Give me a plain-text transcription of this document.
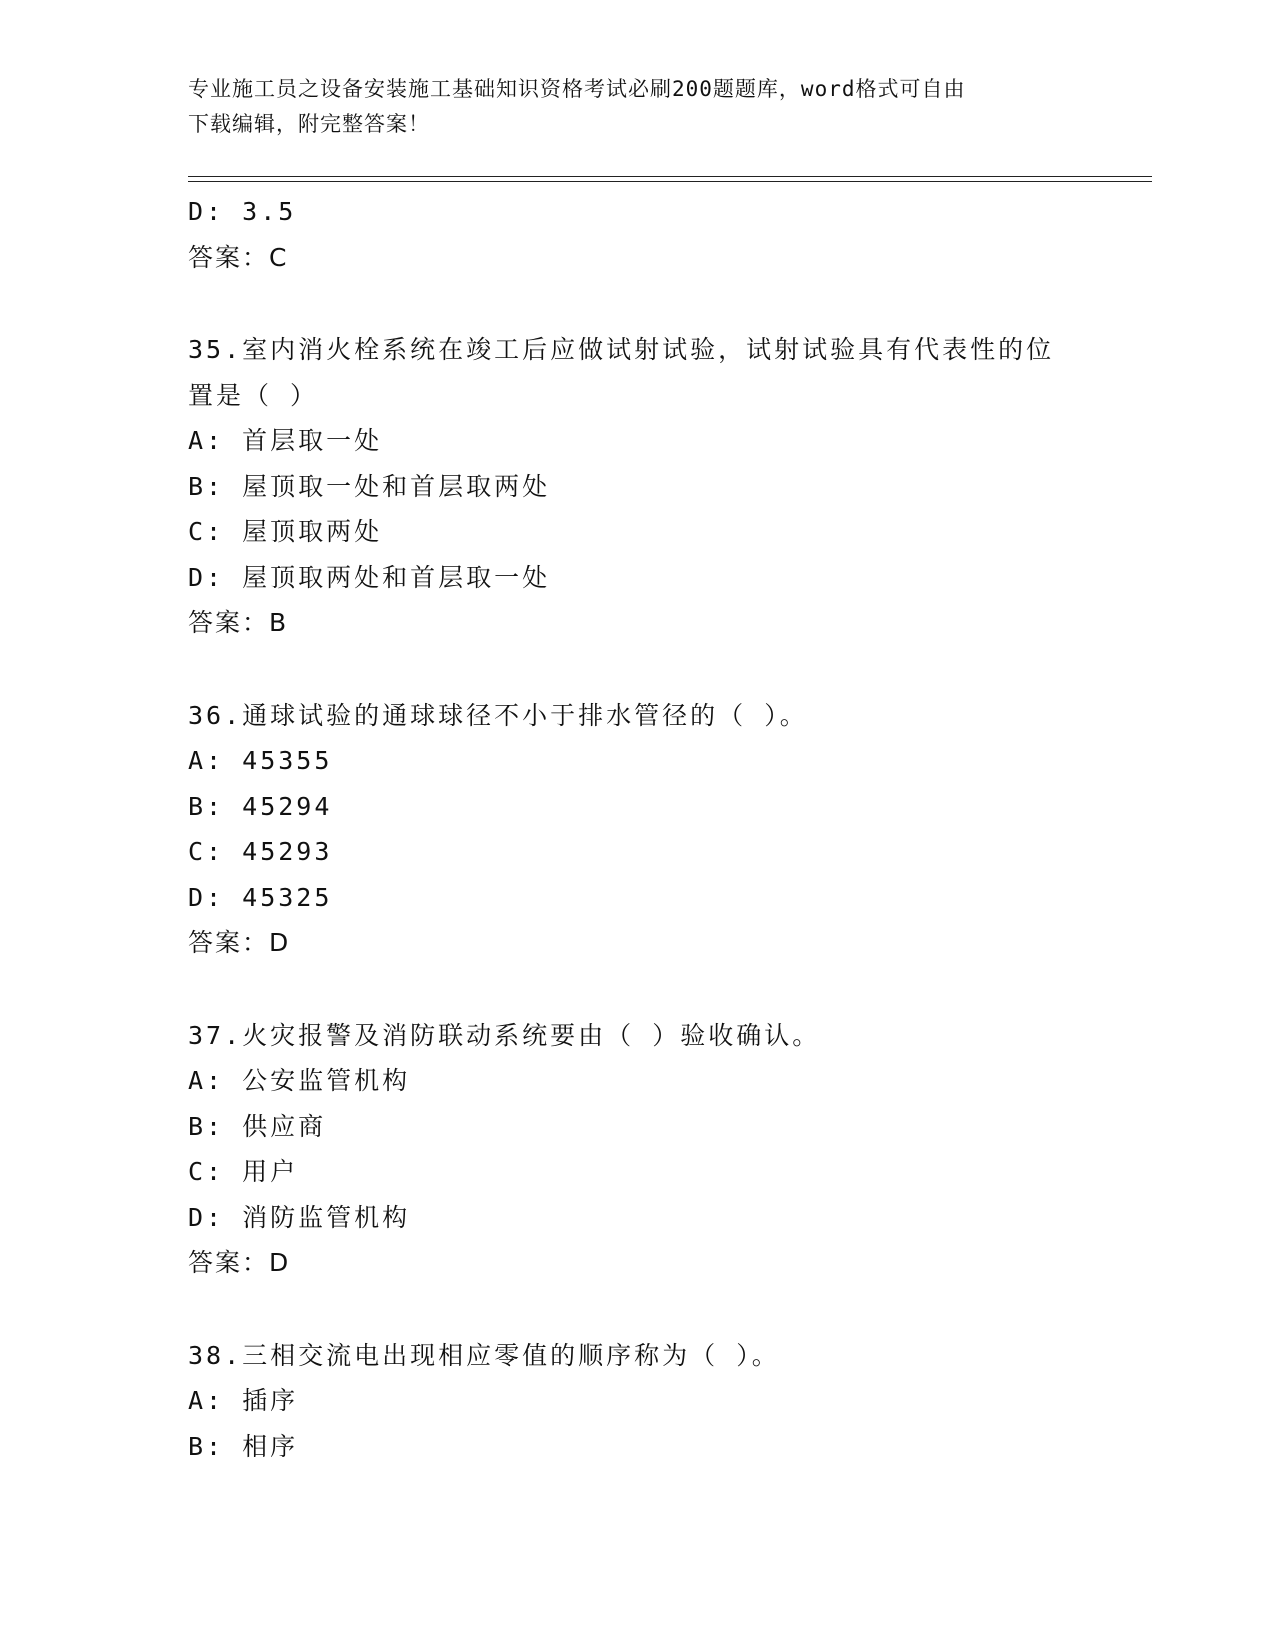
专业施工员之设备安装施工基础知识资格考试必刷200题题库，word格式可自由
下载编辑，附完整答案！
D: 3.5
答案：C
35.室内消火栓系统在竣工后应做试射试验，试射试验具有代表性的位
置是（ ）
A: 首层取一处
B: 屋顶取一处和首层取两处
C: 屋顶取两处
D: 屋顶取两处和首层取一处
答案：B
36.通球试验的通球球径不小于排水管径的（ ）。
A: 45355
B: 45294
C: 45293
D: 45325
答案：D
37.火灾报警及消防联动系统要由（ ）验收确认。
A: 公安监管机构
B: 供应商
C: 用户
D: 消防监管机构
答案：D
38.三相交流电出现相应零值的顺序称为（ ）。
A: 插序
B: 相序
